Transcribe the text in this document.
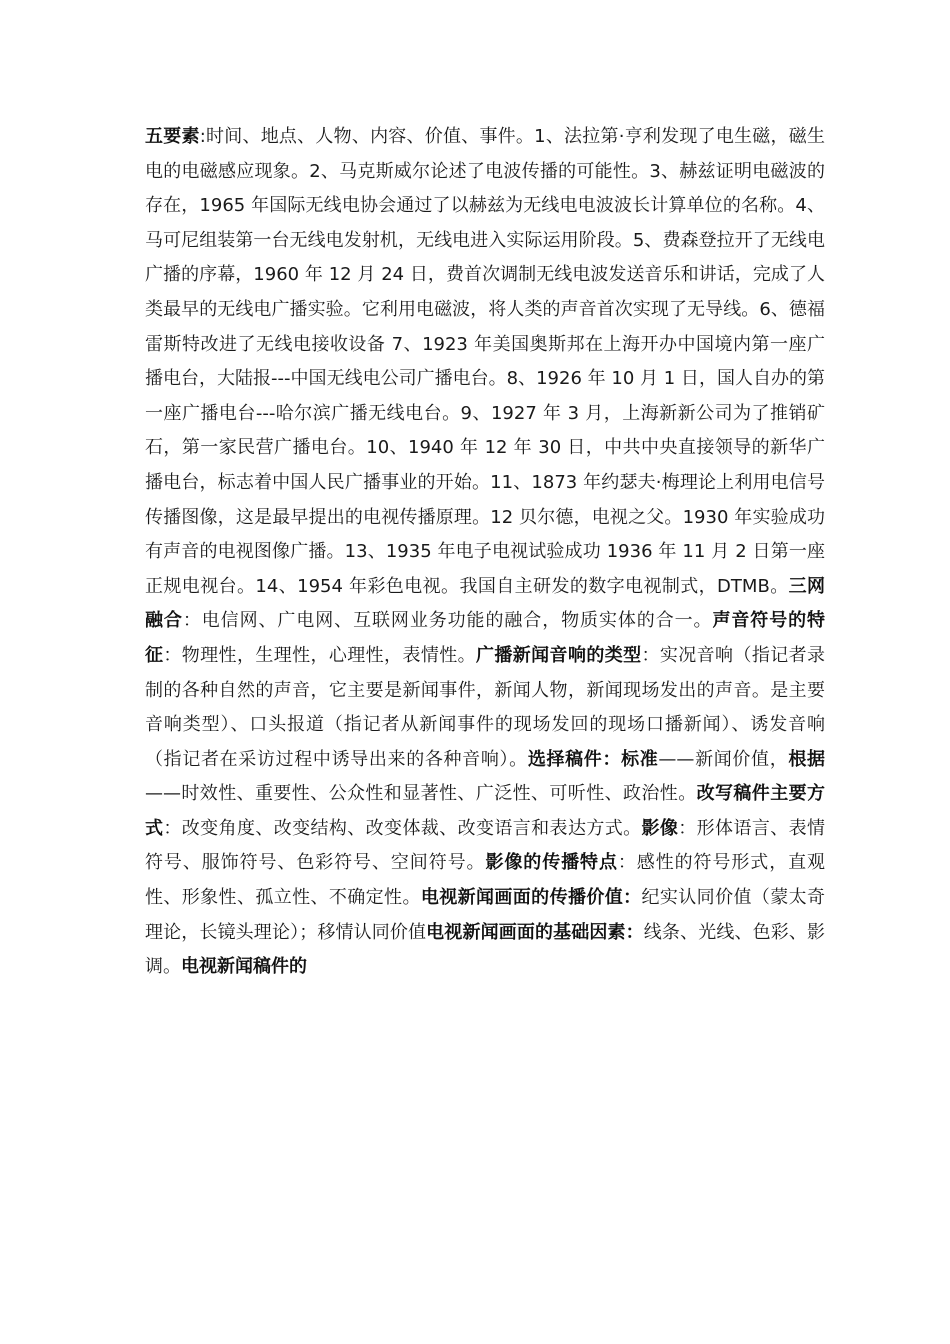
五要素:时间、地点、人物、内容、价值、事件。1、法拉第·亨利发现了电生磁，磁生电的电磁感应现象。2、马克斯威尔论述了电波传播的可能性。3、赫兹证明电磁波的存在，1965 年国际无线电协会通过了以赫兹为无线电电波波长计算单位的名称。4、马可尼组装第一台无线电发射机，无线电进入实际运用阶段。5、费森登拉开了无线电广播的序幕，1960 年 12 月 24 日，费首次调制无线电波发送音乐和讲话，完成了人类最早的无线电广播实验。它利用电磁波，将人类的声音首次实现了无导线。6、德福雷斯特改进了无线电接收设备 7、1923 年美国奥斯邦在上海开办中国境内第一座广播电台，大陆报---中国无线电公司广播电台。8、1926 年 10 月 1 日，国人自办的第一座广播电台---哈尔滨广播无线电台。9、1927 年 3 月，上海新新公司为了推销矿石，第一家民营广播电台。10、1940 年 12 年 30 日，中共中央直接领导的新华广播电台，标志着中国人民广播事业的开始。11、1873 年约瑟夫·梅理论上利用电信号传播图像，这是最早提出的电视传播原理。12 贝尔德，电视之父。1930 年实验成功有声音的电视图像广播。13、1935 年电子电视试验成功 1936 年 11 月 2 日第一座正规电视台。14、1954 年彩色电视。我国自主研发的数字电视制式，DTMB。三网融合：电信网、广电网、互联网业务功能的融合，物质实体的合一。声音符号的特征：物理性，生理性，心理性，表情性。广播新闻音响的类型：实况音响（指记者录制的各种自然的声音，它主要是新闻事件，新闻人物，新闻现场发出的声音。是主要音响类型）、口头报道（指记者从新闻事件的现场发回的现场口播新闻）、诱发音响（指记者在采访过程中诱导出来的各种音响）。选择稿件：标准——新闻价值，根据——时效性、重要性、公众性和显著性、广泛性、可听性、政治性。改写稿件主要方式：改变角度、改变结构、改变体裁、改变语言和表达方式。影像：形体语言、表情符号、服饰符号、色彩符号、空间符号。影像的传播特点：感性的符号形式，直观性、形象性、孤立性、不确定性。电视新闻画面的传播价值：纪实认同价值（蒙太奇理论，长镜头理论）；移情认同价值电视新闻画面的基础因素：线条、光线、色彩、影调。电视新闻稿件的
